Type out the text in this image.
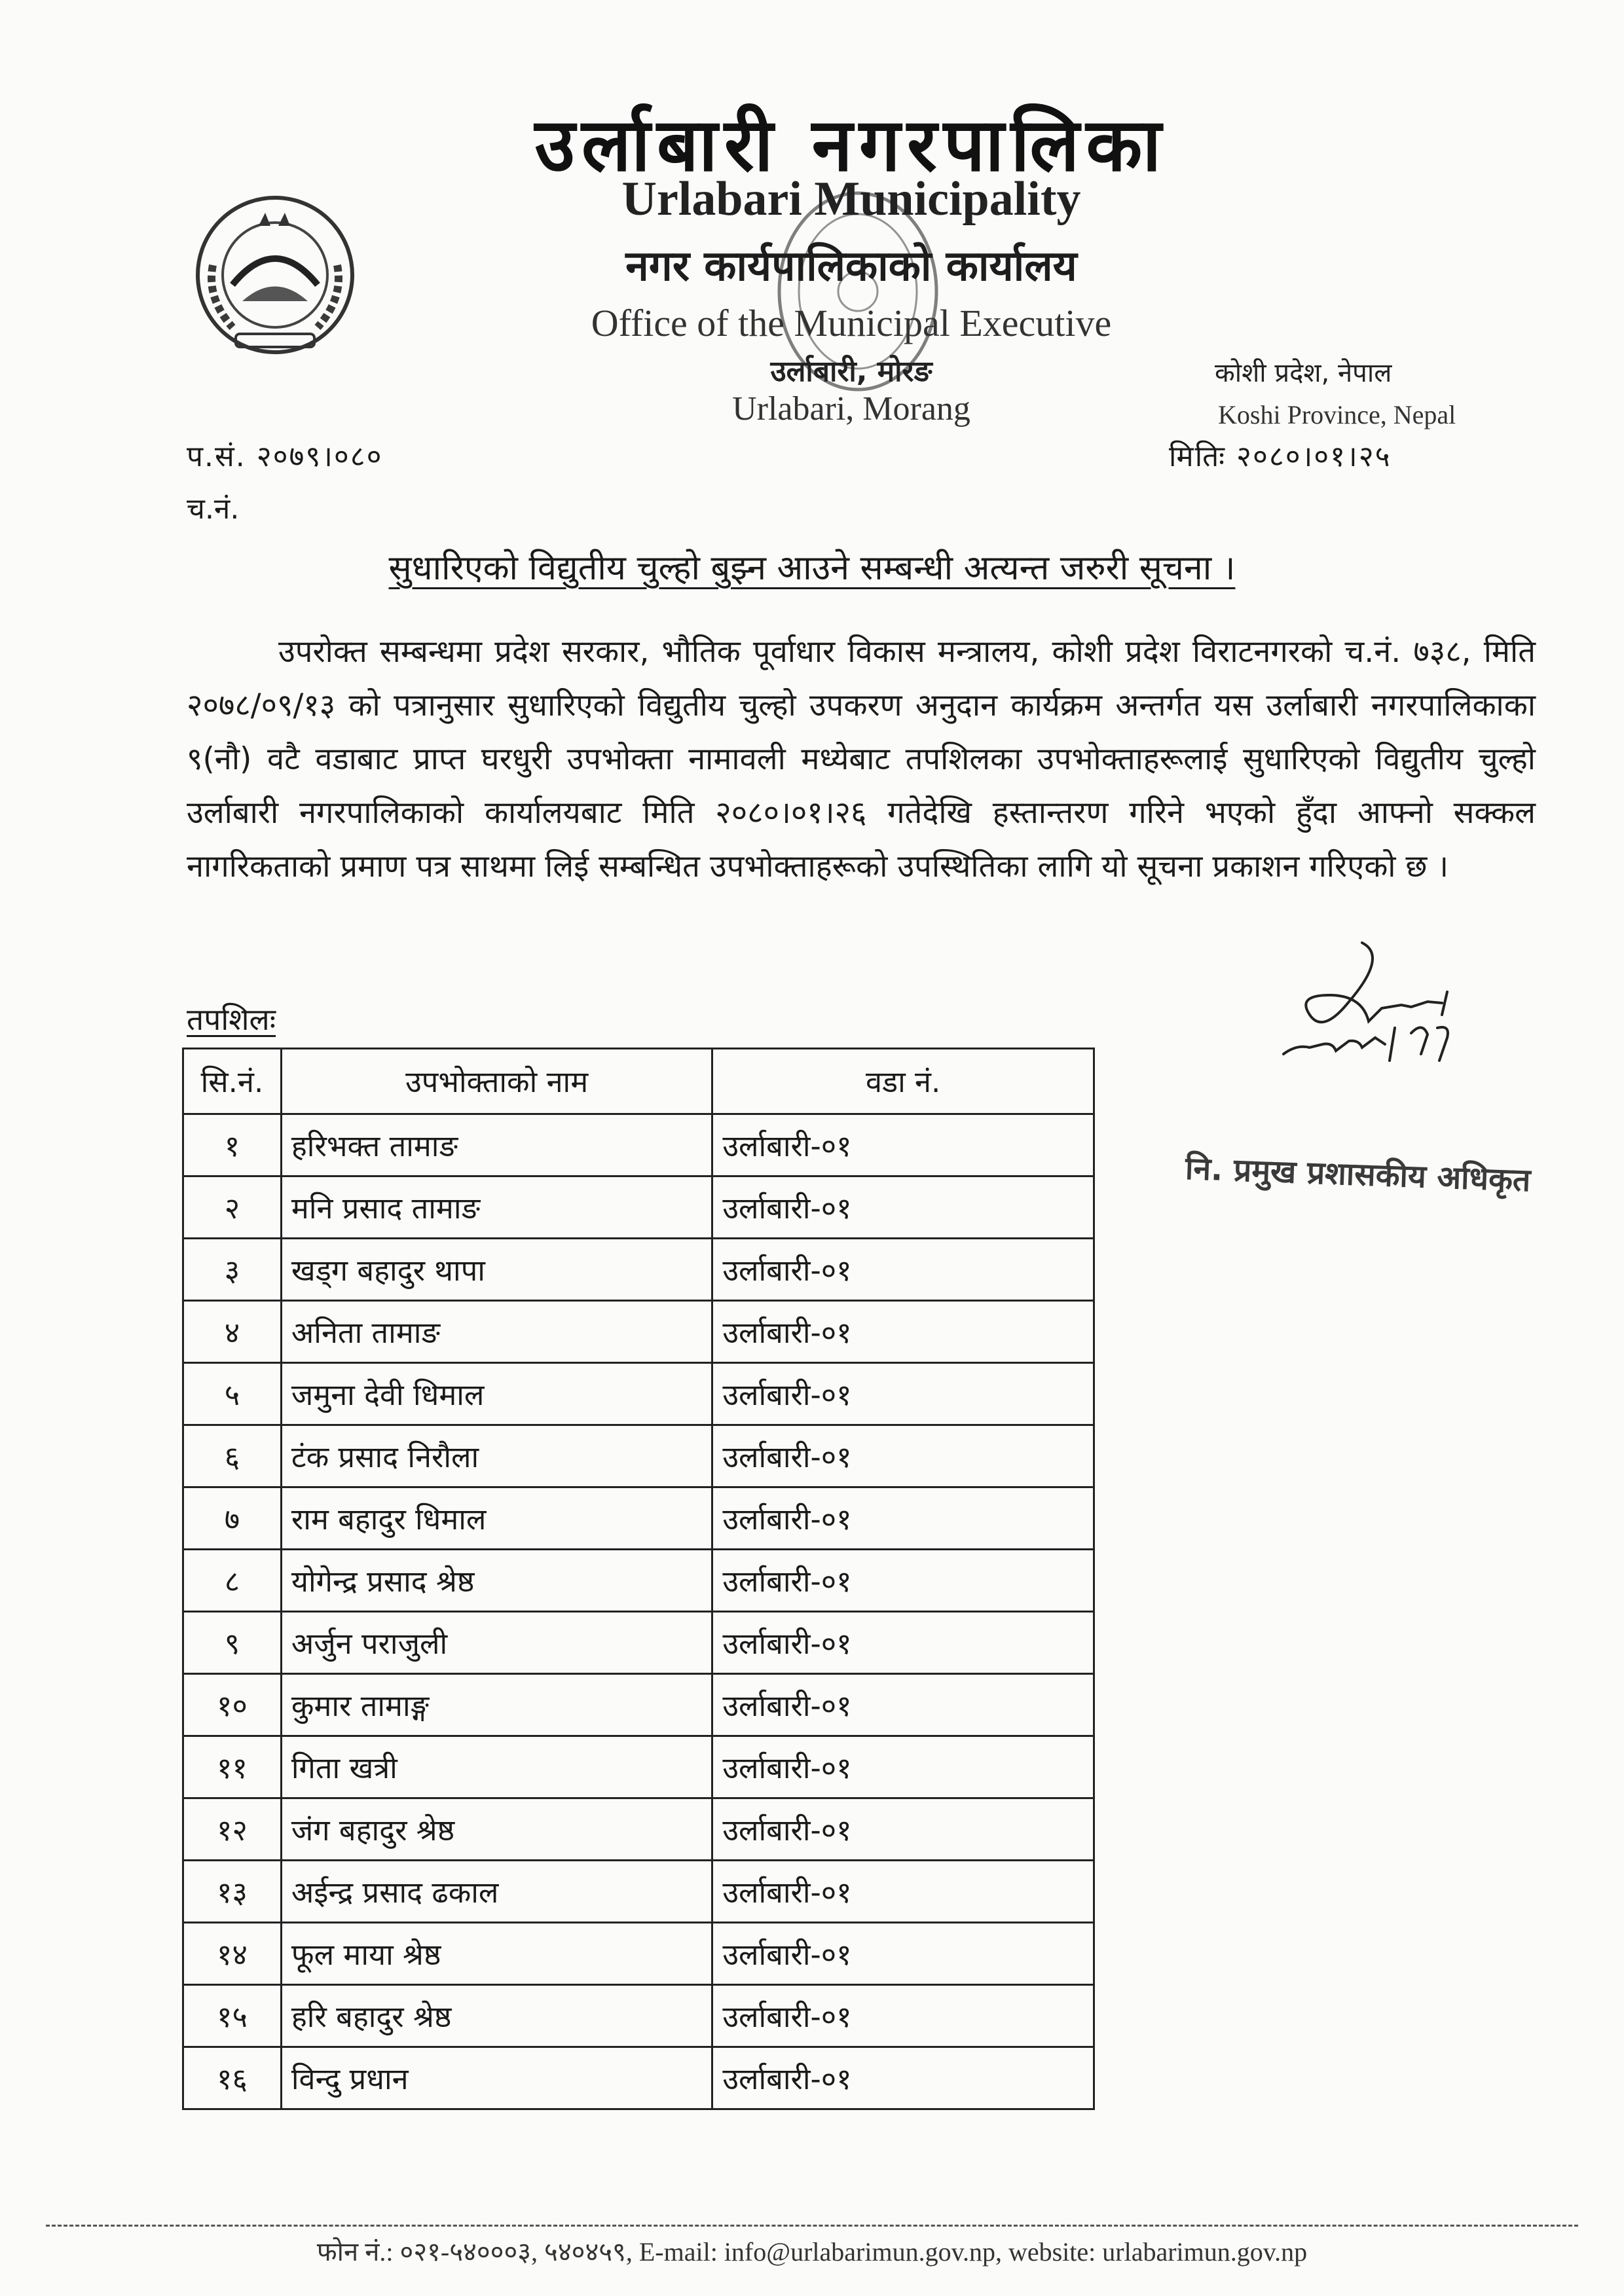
उर्लाबारी नगरपालिका
Urlabari Municipality
नगर कार्यपालिकाको कार्यालय
Office of the Municipal Executive
उर्लाबारी, मोरङ
Urlabari, Morang
कोशी प्रदेश, नेपाल
Koshi Province, Nepal
प.सं. २०७९।०८०
च.नं.
मितिः २०८०।०१।२५
सुधारिएको विद्युतीय चुल्हो बुझ्न आउने सम्बन्धी अत्यन्त जरुरी सूचना ।
उपरोक्त सम्बन्धमा प्रदेश सरकार, भौतिक पूर्वाधार विकास मन्त्रालय, कोशी प्रदेश विराटनगरको च.नं. ७३८, मिति २०७८/०९/१३ को पत्रानुसार सुधारिएको विद्युतीय चुल्हो उपकरण अनुदान कार्यक्रम अन्तर्गत यस उर्लाबारी नगरपालिकाका ९(नौ) वटै वडाबाट प्राप्त घरधुरी उपभोक्ता नामावली मध्येबाट तपशिलका उपभोक्ताहरूलाई सुधारिएको विद्युतीय चुल्हो उर्लाबारी नगरपालिकाको कार्यालयबाट मिति २०८०।०१।२६ गतेदेखि हस्तान्तरण गरिने भएको हुँदा आफ्नो सक्कल नागरिकताको प्रमाण पत्र साथमा लिई सम्बन्धित उपभोक्ताहरूको उपस्थितिका लागि यो सूचना प्रकाशन गरिएको छ ।
तपशिलः
सि.नं.	उपभोक्ताको नाम	वडा नं.
१	हरिभक्त तामाङ	उर्लाबारी-०१
२	मनि प्रसाद तामाङ	उर्लाबारी-०१
३	खड्ग बहादुर थापा	उर्लाबारी-०१
४	अनिता तामाङ	उर्लाबारी-०१
५	जमुना देवी धिमाल	उर्लाबारी-०१
६	टंक प्रसाद निरौला	उर्लाबारी-०१
७	राम बहादुर धिमाल	उर्लाबारी-०१
८	योगेन्द्र प्रसाद श्रेष्ठ	उर्लाबारी-०१
९	अर्जुन पराजुली	उर्लाबारी-०१
१०	कुमार तामाङ्ग	उर्लाबारी-०१
११	गिता खत्री	उर्लाबारी-०१
१२	जंग बहादुर श्रेष्ठ	उर्लाबारी-०१
१३	अईन्द्र प्रसाद ढकाल	उर्लाबारी-०१
१४	फूल माया श्रेष्ठ	उर्लाबारी-०१
१५	हरि बहादुर श्रेष्ठ	उर्लाबारी-०१
१६	विन्दु प्रधान	उर्लाबारी-०१
नि. प्रमुख प्रशासकीय अधिकृत
फोन नं.: ०२१-५४०००३, ५४०४५९, E-mail: info@urlabarimun.gov.np, website: urlabarimun.gov.np
